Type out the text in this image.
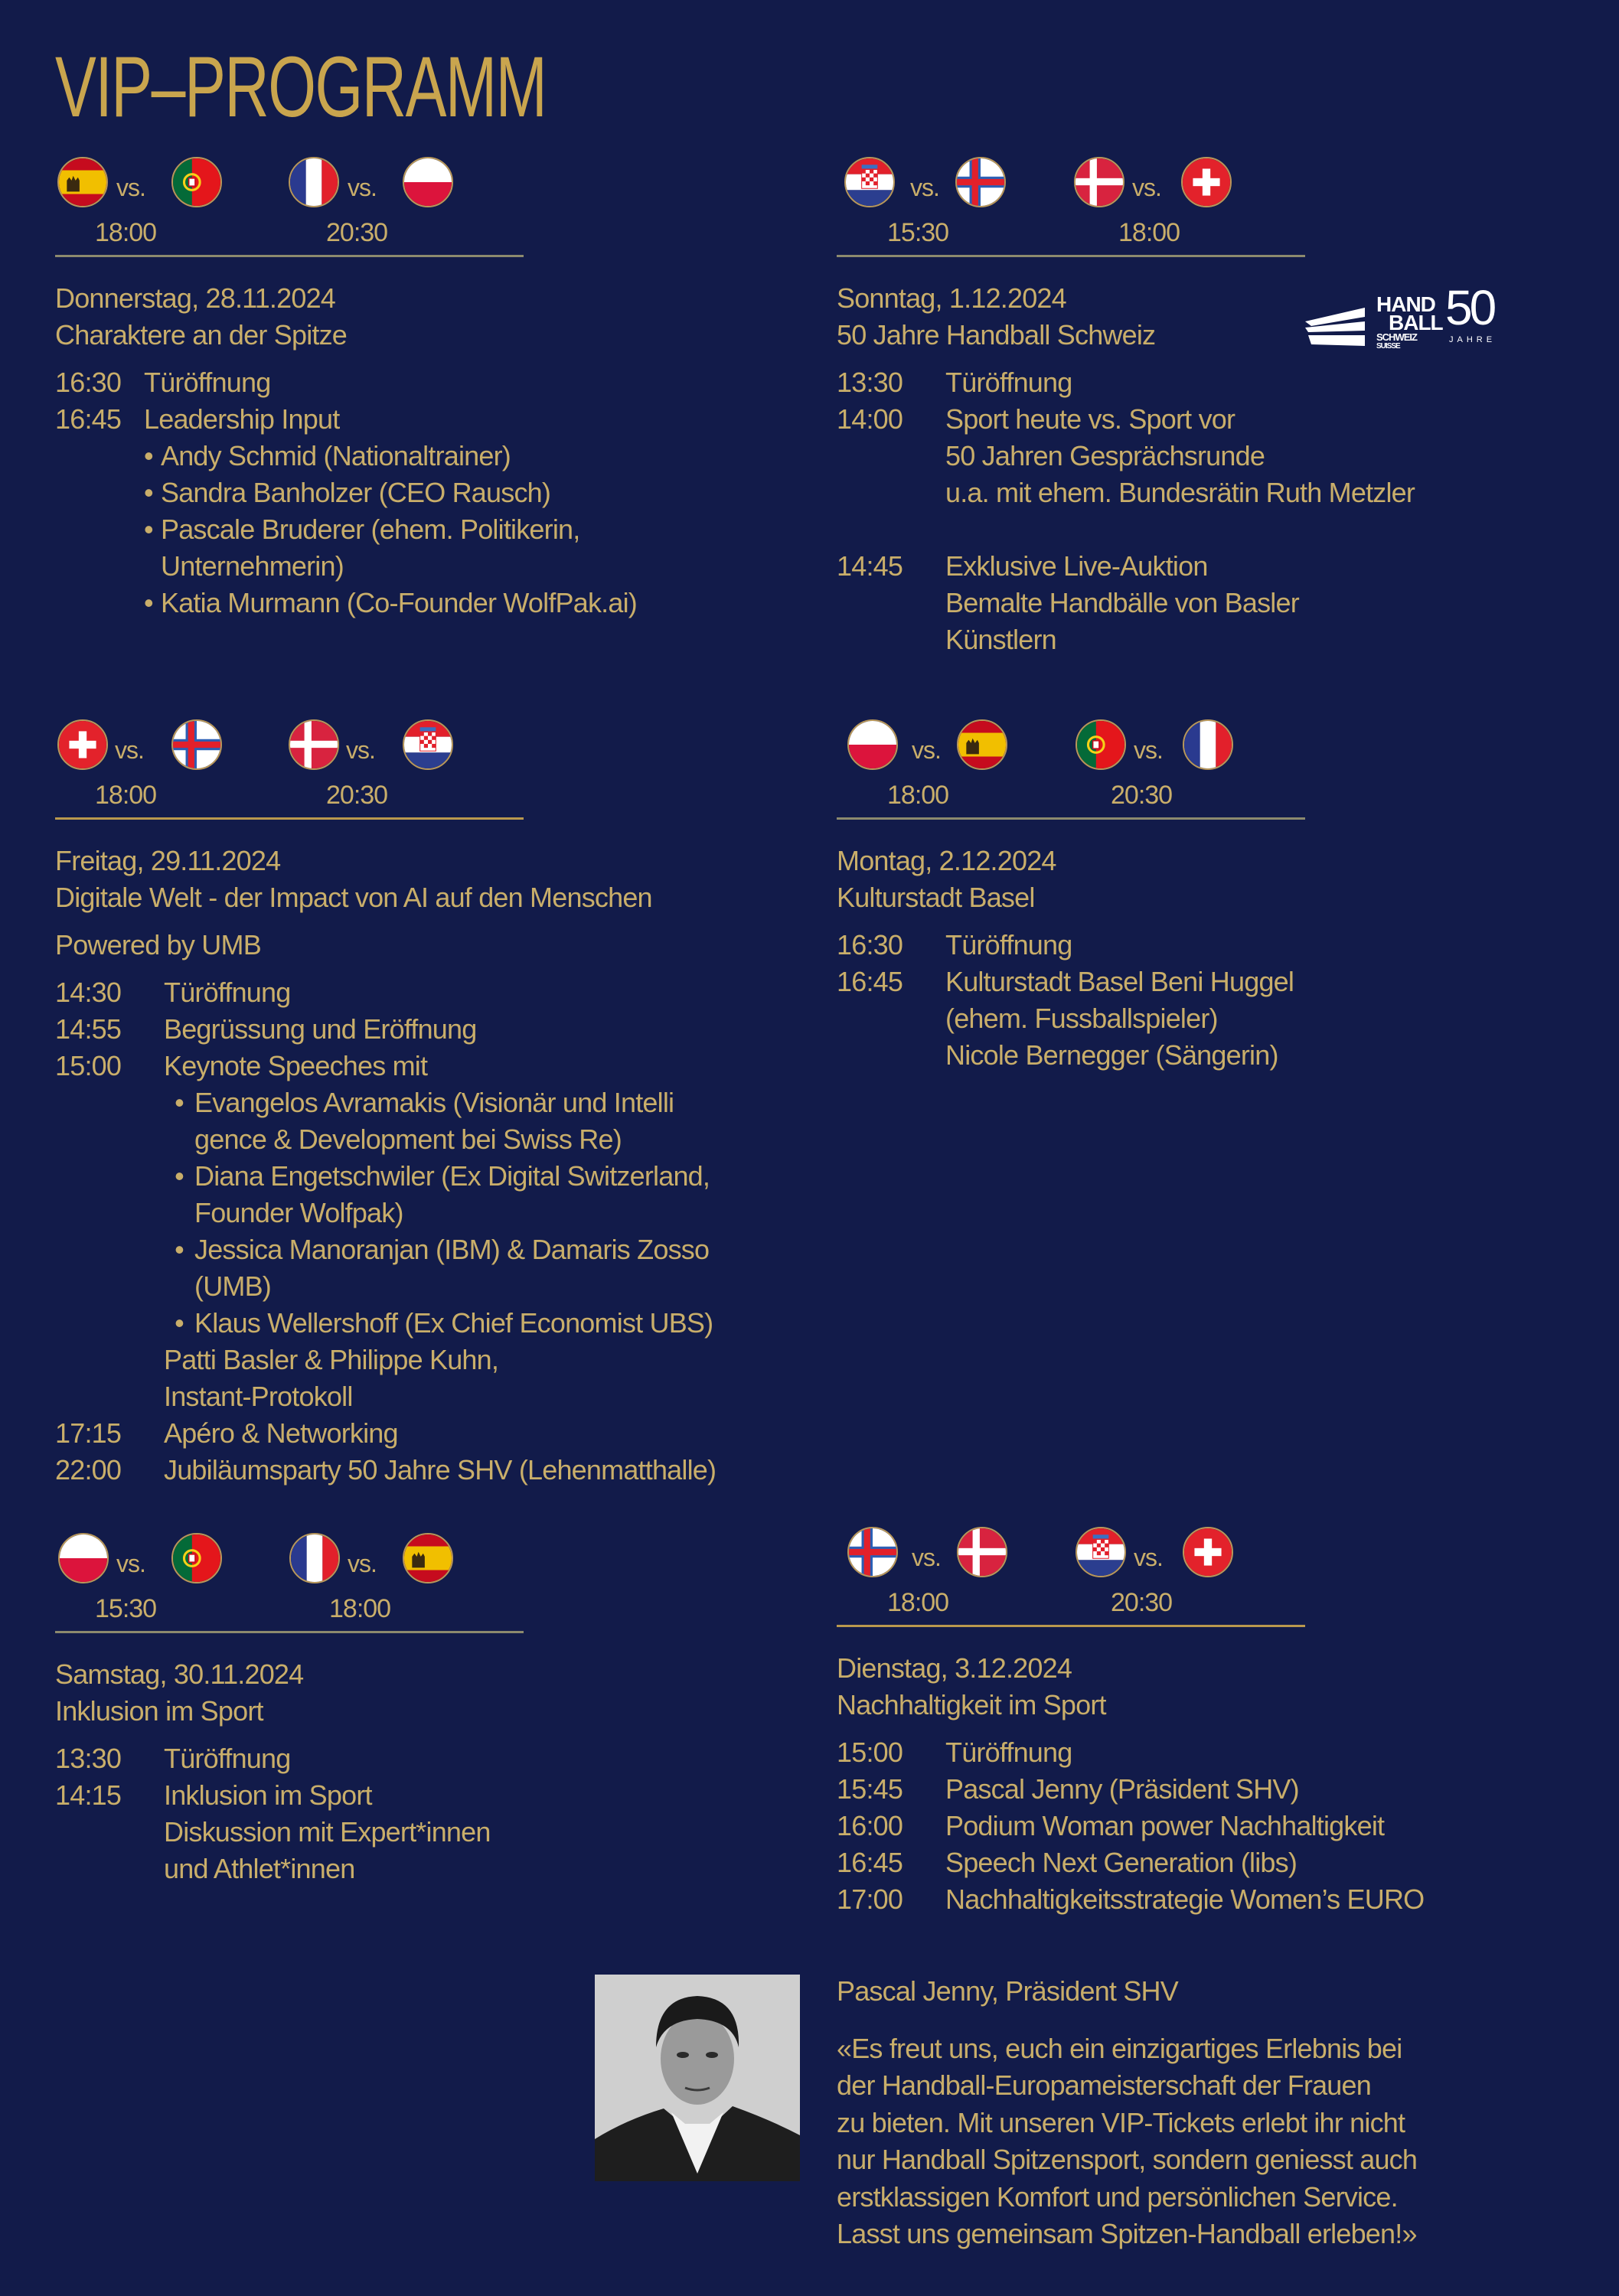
VIP–PROGRAMM
vs.
18:00
vs.
20:30
Donnerstag, 28.11.2024
Charaktere an der Spitze
16:30 Türöffnung
16:45 Leadership Input
• Andy Schmid (Nationaltrainer)
• Sandra Banholzer (CEO Rausch)
• Pascale Bruderer (ehem. Politikerin,
Unternehmerin)
• Katia Murmann (Co-Founder WolfPak.ai)
vs.
15:30
vs.
18:00
Sonntag, 1.12.2024
50 Jahre Handball Schweiz
13:30	Türöffnung
14:00	Sport heute vs. Sport vor
50 Jahren Gesprächsrunde
u.a. mit ehem. Bundesrätin Ruth Metzler
14:45	Exklusive Live-Auktion
Bemalte Handbälle von Basler
Künstlern
HAND
BALL
SCHWEIZ
SUISSE
50
JAHRE
vs.
18:00
vs.
20:30
Freitag, 29.11.2024
Digitale Welt - der Impact von AI auf den Menschen
Powered by UMB
14:30	Türöffnung
14:55	Begrüssung und Eröffnung
15:00	Keynote Speeches mit
• Evangelos Avramakis (Visionär und Intelli
gence & Development bei Swiss Re)
• Diana Engetschwiler (Ex Digital Switzerland,
Founder Wolfpak)
• Jessica Manoranjan (IBM) & Damaris Zosso
(UMB)
• Klaus Wellershoff (Ex Chief Economist UBS)
Patti Basler & Philippe Kuhn,
Instant-Protokoll
17:15	Apéro & Networking
22:00	Jubiläumsparty 50 Jahre SHV (Lehenmatthalle)
vs.
18:00
vs.
20:30
Montag, 2.12.2024
Kulturstadt Basel
16:30	Türöffnung
16:45	Kulturstadt Basel Beni Huggel
(ehem. Fussballspieler)
Nicole Bernegger (Sängerin)
vs.
15:30
vs.
18:00
Samstag, 30.11.2024
Inklusion im Sport
13:30	Türöffnung
14:15	Inklusion im Sport
Diskussion mit Expert*innen
und Athlet*innen
vs.
18:00
vs.
20:30
Dienstag, 3.12.2024
Nachhaltigkeit im Sport
15:00	Türöffnung
15:45	Pascal Jenny (Präsident SHV)
16:00	Podium Woman power Nachhaltigkeit
16:45	Speech Next Generation (libs)
17:00	Nachhaltigkeitsstrategie Women’s EURO
Pascal Jenny, Präsident SHV
«Es freut uns, euch ein einzigartiges Erlebnis bei
der Handball-Europameisterschaft der Frauen
zu bieten. Mit unseren VIP-Tickets erlebt ihr nicht
nur Handball Spitzensport, sondern geniesst auch
erstklassigen Komfort und persönlichen Service.
Lasst uns gemeinsam Spitzen-Handball erleben!»
